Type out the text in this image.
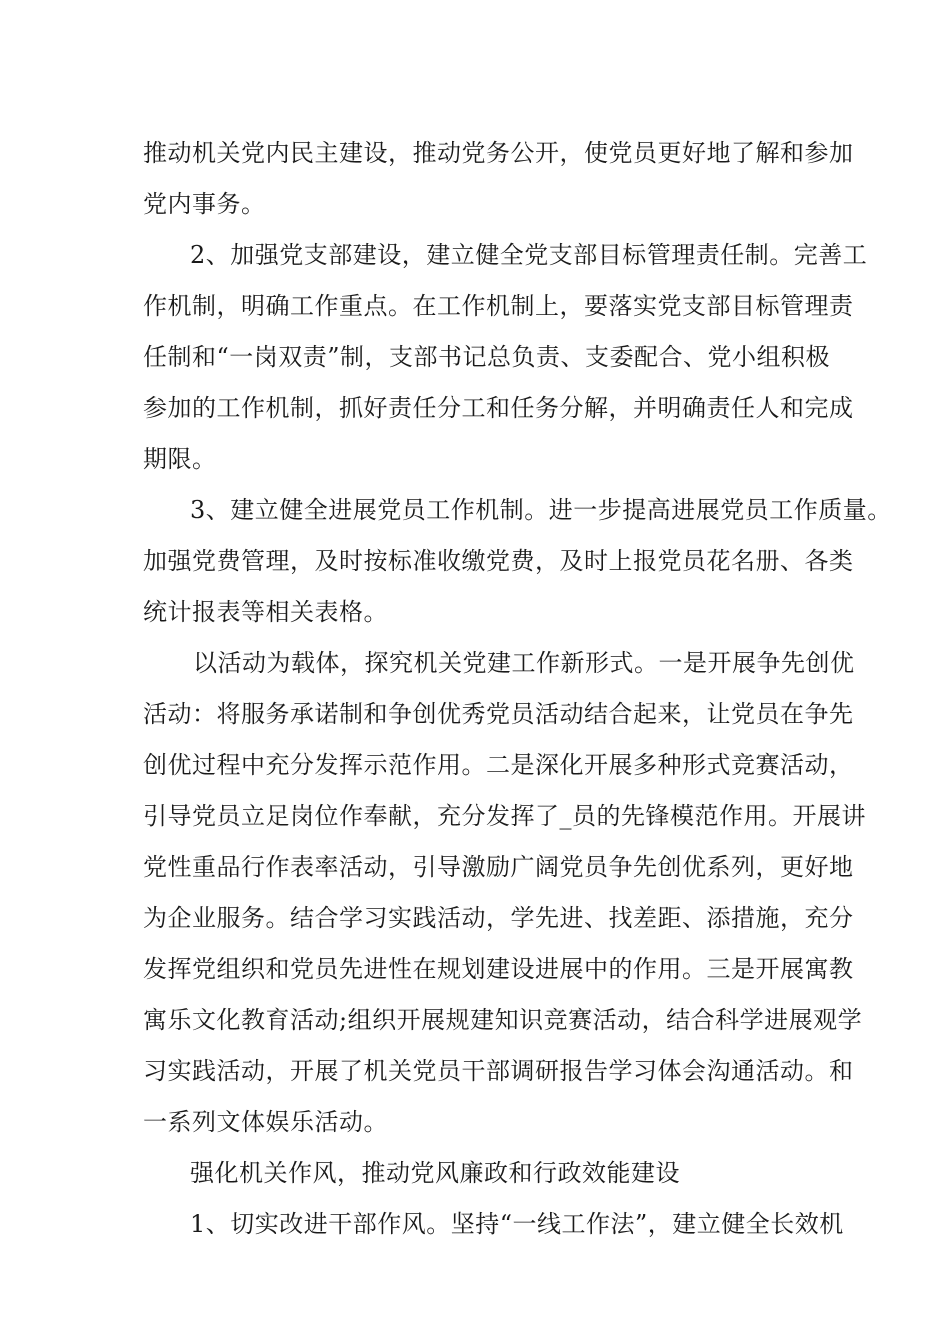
推动机关党内民主建设，推动党务公开，使党员更好地了解和参加
党内事务。
2、加强党支部建设，建立健全党支部目标管理责任制。完善工
作机制，明确工作重点。在工作机制上，要落实党支部目标管理责
任制和“一岗双责”制，支部书记总负责、支委配合、党小组积极
参加的工作机制，抓好责任分工和任务分解，并明确责任人和完成
期限。
3、建立健全进展党员工作机制。进一步提高进展党员工作质量。
加强党费管理，及时按标准收缴党费，及时上报党员花名册、各类
统计报表等相关表格。
以活动为载体，探究机关党建工作新形式。一是开展争先创优
活动：将服务承诺制和争创优秀党员活动结合起来，让党员在争先
创优过程中充分发挥示范作用。二是深化开展多种形式竞赛活动，
引导党员立足岗位作奉献，充分发挥了_员的先锋模范作用。开展讲
党性重品行作表率活动，引导激励广阔党员争先创优系列，更好地
为企业服务。结合学习实践活动，学先进、找差距、添措施，充分
发挥党组织和党员先进性在规划建设进展中的作用。三是开展寓教
寓乐文化教育活动;组织开展规建知识竞赛活动，结合科学进展观学
习实践活动，开展了机关党员干部调研报告学习体会沟通活动。和
一系列文体娱乐活动。
强化机关作风，推动党风廉政和行政效能建设
1、切实改进干部作风。坚持“一线工作法”，建立健全长效机
